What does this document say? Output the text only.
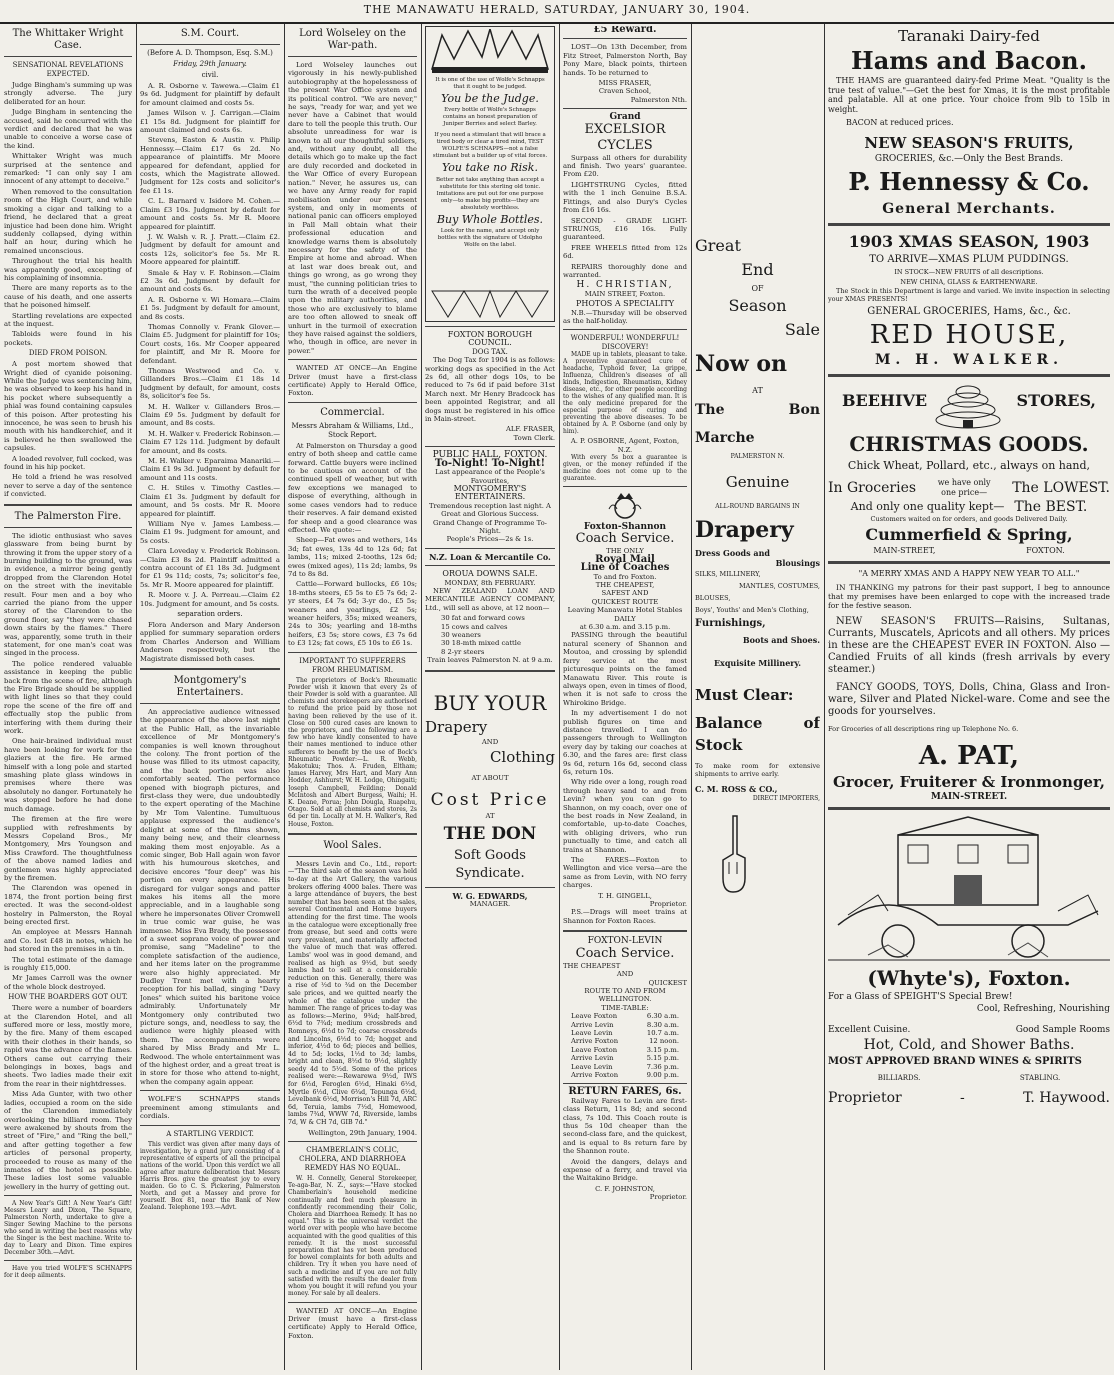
THE MANAWATU HERALD, SATURDAY, JANUARY 30, 1904.
The Whittaker Wright Case.
SENSATIONAL REVELATIONS EXPECTED.

Judge Bingham's summing up was strongly adverse. The jury deliberated for an hour.

Judge Bingham in sentencing the accused, said he concurred with the verdict and declared that he was unable to conceive a worse case of the kind.

Whittaker Wright was much surprised at the sentence and remarked: "I can only say I am innocent of any attempt to deceive."

When removed to the consultation room of the High Court, and while smoking a cigar and talking to a friend, he declared that a great injustice had been done him. Wright suddenly collapsed, dying within half an hour, during which he remained unconscious.

Throughout the trial his health was apparently good, excepting of his complaining of insomnia.

There are many reports as to the cause of his death, and one asserts that he poisoned himself.

Startling revelations are expected at the inquest.

Tabloids were found in his pockets.

DIED FROM POISON.

A post mortem showed that Wright died of cyanide poisoning. While the Judge was sentencing him, he was observed to keep his hand in his pocket where subsequently a phial was found containing capsules of this poison. After protesting his innocence, he was seen to brush his mouth with his handkerchief, and it is believed he then swallowed the capsules.

A loaded revolver, full cocked, was found in his hip pocket.

He told a friend he was resolved never to serve a day of the sentence if convicted.

The Palmerston Fire.

The idiotic enthusiast who saves glassware from being burnt by throwing it from the upper story of a burning building to the ground, was in evidence, a mirror being gently dropped from the Clarendon Hotel on the street with the inevitable result. Four men and a boy who carried the piano from the upper storey of the Clarendon to the ground floor, say "they were chased down stairs by the flames." There was, apparently, some truth in their statement, for one man's coat was singed in the process.

The police rendered valuable assistance in keeping the public back from the scene of fire, although the Fire Brigade should be supplied with light lines so that they could rope the scene of the fire off and effectually stop the public from interfering with them during their work.

One hair-brained individual must have been looking for work for the glaziers at the fire. He armed himself with a long pole and started smashing plate glass windows in premises where there was absolutely no danger. Fortunately he was stopped before he had done much damage.

The firemen at the fire were supplied with refreshments by Messrs Copeland Bros., Mr Montgomery, Mrs Youngson and Miss Crawford. The thoughtfulness of the above named ladies and gentlemen was highly appreciated by the firemen.

The Clarendon was opened in 1874, the front portion being first erected. It was the second-oldest hostelry in Palmerston, the Royal being erected first.

An employee at Messrs Hannah and Co. lost £48 in notes, which he had stored in the premises in a tin.

The total estimate of the damage is roughly £15,000.

Mr James Carroll was the owner of the whole block destroyed.

HOW THE BOARDERS GOT OUT.

There were a number of boarders at the Clarendon Hotel, and all suffered more or less, mostly more, by the fire. Many of them escaped with their clothes in their hands, so rapid was the advance of the flames. Others came out carrying their belongings in boxes, bags and sheets. Two ladies made their exit from the rear in their nightdresses.

Miss Ada Gunter, with two other ladies, occupied a room on the side of the Clarendon immediately overlooking the billiard room. They were awakened by shouts from the street of "Fire," and "Ring the bell," and after getting together a few articles of personal property, proceeded to rouse as many of the inmates of the hotel as possible. These ladies lost some valuable jewellery in the hurry of getting out.

A New Year's Gift! A New Year's Gift! Messrs Leary and Dixon, The Square, Palmerston North, undertake to give a Singer Sewing Machine to the persons who send in writing the best reasons why the Singer is the best machine. Write to-day to Leary and Dixon. Time expires December 30th.—Advt.

Have you tried WOLFE'S SCHNAPPS for it deep ailments.

S.M. Court.
(Before A. D. Thompson, Esq. S.M.)
Friday, 29th January.
civil.

A. R. Osborne v. Tawewa.—Claim £1 9s 6d. Judgment for plaintiff by default for amount claimed and costs 5s.

James Wilson v. J. Carrigan.—Claim £1 15s 8d. Judgment for plaintiff for amount claimed and costs 6s.

Stevens, Easton & Austin v. Philip Hennessy.—Claim £17 6s 2d. No appearance of plaintiffs. Mr Moore appeared for defendant, applied for costs, which the Magistrate allowed. Judgment for 12s costs and solicitor's fee £1 1s.

C. L. Barnard v. Isidore M. Cohen.—Claim £3 10s. Judgment by default for amount and costs 5s. Mr R. Moore appeared for plaintiff.

J. W. Walsh v. R. J. Pratt.—Claim £2. Judgment by default for amount and costs 12s, solicitor's fee 5s. Mr R. Moore appeared for plaintiff.

Smale & Hay v. F. Robinson.—Claim £2 3s 6d. Judgment by default for amount and costs 6s.

A. R. Osborne v. Wi Homara.—Claim £1 5s. Judgment by default for amount, and 8s costs.

Thomas Connolly v. Frank Glover.—Claim £5. Judgment for plaintiff for 10s; Court costs, 16s. Mr Cooper appeared for plaintiff, and Mr R. Moore for defendant.

Thomas Westwood and Co. v. Gillanders Bros.—Claim £1 18s 1d Judgment by default, for amount, costs 8s, solicitor's fee 5s.

M. H. Walker v. Gillanders Bros.—Claim £9 5s. Judgment by default for amount, and 8s costs.

M. H. Walker v. Frederick Robinson.—Claim £7 12s 11d. Judgment by default for amount, and 8s costs.

M. H. Walker v. Eparaima Manariki.—Claim £1 9s 3d. Judgment by default for amount and 11s costs.

C. H. Stiles v. Timothy Castles.—Claim £1 3s. Judgment by default for amount, and 5s costs. Mr R. Moore appeared for plaintiff.

William Nye v. James Lambess.—Claim £1 9s. Judgment for amount, and 5s costs.

Clara Loveday v. Frederick Robinson.—Claim £3 8s 2d. Plaintiff admitted a contra account of £1 18s 3d. Judgment for £1 9s 11d; costs, 7s; solicitor's fee, 5s. Mr R. Moore appeared for plaintiff.

R. Moore v. J. A. Perreau.—Claim £2 10s. Judgment for amount, and 5s costs.

separation orders.

Flora Anderson and Mary Anderson applied for summary separation orders from Charles Anderson and William Anderson respectively, but the Magistrate dismissed both cases.

Montgomery's Entertainers.

An appreciative audience witnessed the appearance of the above last night at the Public Hall, as the invariable excellence of Mr Montgomery's companies is well known throughout the colony. The front portion of the house was filled to its utmost capacity, and the back portion was also comfortably seated. The performance opened with biograph pictures, and first-class they were, due undoubtedly to the expert operating of the Machine by Mr Tom Valentine. Tumultuous applause expressed the audience's delight at some of the films shown, many being new, and their clearness making them most enjoyable. As a comic singer, Bob Hall again won favor with his humourous sketches, and decisive encores "four deep" was his portion on every appearance. His disregard for vulgar songs and patter makes his items all the more appreciable, and in a laughable song where he impersonates Oliver Cromwell in true comic war guise, he was immense. Miss Eva Brady, the possessor of a sweet soprano voice of power and promise, sang "Madeline" to the complete satisfaction of the audience, and her items later on the programme were also highly appreciated. Mr Dudley Trent met with a hearty reception for his ballad, singing "Davy Jones" which suited his baritone voice admirably. Unfortunately Mr Montgomery only contributed two picture songs, and, needless to say, the audience were highly pleased with them. The accompaniments were shared by Miss Brady and Mr L. Redwood. The whole entertainment was of the highest order, and a great treat is in store for those who attend to-night, when the company again appear.

WOLFE'S SCHNAPPS stands preeminent among stimulants and cordials.

A STARTLING VERDICT.

This verdict was given after many days of investigation, by a grand jury consisting of a representative of experts of all the principal nations of the world. Upon this verdict we all agree after mature deliberation that Messrs Harris Bros. give the greatest joy to every maiden. Go to C. S. Pickering, Palmerston North, and get a Massey and prove for yourself. Box 81, near the Bank of New Zealand. Telephone 193.—Advt.

Lord Wolseley on the War-path.

Lord Wolseley launches out vigorously in his newly-published autobiography at the hopelessness of the present War Office system and its political control. "We are never," he says, "ready for war, and yet we never have a Cabinet that would dare to tell the people this truth. Our absolute unreadiness for war is known to all our thoughtful soldiers, and, without any doubt, all the details which go to make up the fact are duly recorded and docketed in the War Office of every European nation." Never, he assures us, can we have any Army ready for rapid mobilisation under our present system, and only in moments of national panic can officers employed in Pall Mall obtain what their professional education and knowledge warns them is absolutely necessary for the safety of the Empire at home and abroad. When at last war does break out, and things go wrong, as go wrong they must, "the cunning politician tries to turn the wrath of a deceived people upon the military authorities, and those who are exclusively to blame are too often allowed to sneak off unhurt in the turmoil of execration they have raised against the soldiers, who, though in office, are never in power."

WANTED AT ONCE—An Engine Driver (must have a first-class certificate) Apply to Herald Office, Foxton.

Commercial.
Messrs Abraham & Williams, Ltd., Stock Report.

At Palmerston on Thursday a good entry of both sheep and cattle came forward. Cattle buyers were inclined to be cautious on account of the continued spell of weather, but with few exceptions we managed to dispose of everything, although in some cases vendors had to reduce their reserves. A fair demand existed for sheep and a good clearance was effected. We quote:—

Sheep—Fat ewes and wethers, 14s 3d; fat ewes, 13s 4d to 12s 6d; fat lambs, 11s; mixed 2-tooths, 12s 6d; ewes (mixed ages), 11s 2d; lambs, 9s 7d to 8s 8d.

Cattle—Forward bullocks, £6 10s; 18-mths steers, £5 5s to £5 7s 6d; 2-yr steers, £4 7s 6d; 3-yr do., £5 5s; weaners and yearlings, £2 5s; weaner heifers, 35s; mixed weaners, 24s to 30s; yearling and 18-mths heifers, £3 5s; store cows, £3 7s 6d to £3 12s; fat cows, £5 10s to £6 1s.

IMPORTANT TO SUFFERERS FROM RHEUMATISM.

The proprietors of Bock's Rheumatic Powder wish it known that every 2s of their Powder is sold with a guarantee. All chemists and storekeepers are authorised to refund the price paid by those not having been relieved by the use of it. Close on 500 cured cases are known to the proprietors, and the following are a few who have kindly consented to have their names mentioned to induce other sufferers to benefit by the use of Bock's Rheumatic Powder:—L. R. Webb, Makotuku; Thos. A. Fruden, Eltham; James Harvey, Mrs Hart, and Mary Ann Hodder, Ashhurst; W. H. Lodge, Ohingaiti; Joseph Campbell, Feilding; Donald McIntosh and Albert Burgess, Waihi; H. K. Deane, Porua; John Dougla, Ruapehu, Otago. Sold at all chemists and stores, 2s 6d per tin. Locally at M. H. Walker's, Red House, Foxton.

Wool Sales.

Messrs Levin and Co., Ltd., report:—"The third sale of the season was held to-day at the Art Gallery, the various brokers offering 4000 bales. There was a large attendance of buyers, the best number that has been seen at the sales, several Continental and Home buyers attending for the first time. The wools in the catalogue were exceptionally free from grease, but seed and cotts were very prevalent, and materially affected the value of much that was offered. Lambs' wool was in good demand, and realised as high as 9½d, but seedy lambs had to sell at a considerable reduction on this. Generally, there was a rise of ½d to ¾d on the December sale prices, and we quitted nearly the whole of the catalogue under the hammer. The range of prices to-day was as follows:—Merino, 9¾d; half-bred, 6½d to 7¾d; medium crossbreds and Romneys, 6½d to 7d; coarse crossbreds and Lincolns, 6½d to 7d; hogget and inferior, 4½d to 6d; pieces and bellies, 4d to 5d; locks, 1½d to 3d; lambs, bright and clean, 8½d to 9½d, slightly seedy 4d to 5½d. Some of the prices realised were:—Rewarewa 9½d, IWS for 6½d, Feroglen 6½d, Hinaki 6½d, Myrtle 6½d, Clive 6¾d, Tepunga 6½d, Levelbank 6½d, Morrison's Hill 7d, ARC 6d, Teruia, lambs 7½d, Homewood, lambs 7¾d, WWW 7d, Riverside, lambs 7d, W & CH 7d, GIB 7d."

Wellington, 29th January, 1904.

CHAMBERLAIN'S COLIC, CHOLERA, AND DIARRHOEA REMEDY HAS NO EQUAL.

W. H. Connelly, General Storekeeper, Te-aga-Bar, N. Z., says:—"Have stocked Chamberlain's household medicine continually and feel much pleasure in confidently recommending their Colic, Cholera and Diarrhoea Remedy. It has no equal." This is the universal verdict the world over with people who have become acquainted with the good qualities of this remedy. It is the most successful preparation that has yet been produced for bowel complaints for both adults and children. Try it when you have need of such a medicine and if you are not fully satisfied with the results the dealer from whom you bought it will refund you your money. For sale by all dealers.

WANTED AT ONCE—An Engine Driver (must have a first-class certificate) Apply to Herald Office, Foxton.

It is one of the use of Wolfe's Schnapps that it ought to be judged.
You be the Judge.
Every bottle of Wolfe's Schnapps contains an honest preparation of Juniper Berries and select Barley.
If you need a stimulant that will brace a tired body or clear a tired mind, TEST WOLFE'S SCHNAPPS—not a false stimulant but a builder up of vital forces.
You take no Risk.
Better not take anything than accept a substitute for this sterling old tonic. Imitations are put out for one purpose only—to make big profits—they are absolutely worthless.
Buy Whole Bottles.
Look for the name, and accept only bottles with the signature of Udolpho Wolfe on the label.
FOXTON BOROUGH COUNCIL.
DOG TAX.

The Dog Tax for 1904 is as follows: working dogs as specified in the Act 2s 6d, all other dogs 10s, to be reduced to 7s 6d if paid before 31st March next. Mr Henry Bradcock has been appointed Registrar, and all dogs must be registered in his office in Main-street.

ALF. FRASER,
Town Clerk.
PUBLIC HALL, FOXTON.
To-Night! To-Night!
Last appearance of the People's Favourites,
MONTGOMERY'S ENTERTAINERS.
Tremendous reception last night. A Great and Glorious Success.
Grand Change of Programme To-Night.
People's Prices—2s & 1s.
N.Z. Loan & Mercantile Co.
OROUA DOWNS SALE.
MONDAY, 8th FEBRUARY.

NEW ZEALAND LOAN AND MERCANTILE AGENCY COMPANY, Ltd., will sell as above, at 12 noon—

30 fat and forward cows
15 cows and calves
30 weaners
30 18-mth mixed cattle
8 2-yr steers
Train leaves Palmerston N. at 9 a.m.
BUY YOUR
Drapery
AND
Clothing
AT ABOUT
Cost Price
AT
THE DON
Soft Goods Syndicate.
W. G. EDWARDS,
MANAGER.
£5 Reward.

LOST—On 13th December, from Fitz Street, Palmerston North, Bay Pony Mare, black points, thirteen hands. To be returned to

MISS FRASER,
Craven School,
Palmerston Nth.
Grand
EXCELSIOR CYCLES

Surpass all others for durability and finish. Two years' guarantee. From £20.

LIGHTSTRUNG Cycles, fitted with the 1 inch Genuine B.S.A. Fittings, and also Dury's Cycles from £16 16s.

SECOND - GRADE LIGHT-STRUNGS, £16 16s. Fully guaranteed.

FREE WHEELS fitted from 12s 6d.

REPAIRS thoroughly done and warranted.

H. CHRISTIAN,
MAIN STREET, Foxton.
PHOTOS A SPECIALITY

N.B.—Thursday will be observed as the half-holiday.

WONDERFUL! WONDERFUL! DISCOVERY!

MADE up in tablets, pleasant to take. A preventive guaranteed cure of headache, Typhoid fever, La grippe, Influenza, Children's diseases of all kinds, Indigestion, Rheumatism, Kidney disease, etc., for other people according to the wishes of any qualified man. It is the only medicine prepared for the especial purpose of curing and preventing the above diseases. To be obtained by A. P. Osborne (and only by him).

A. P. OSBORNE, Agent, Foxton, N.Z.

With every 5s box a guarantee is given, or the money refunded if the medicine does not come up to the guarantee.

Foxton-Shannon
Coach Service.
THE ONLY
Royal Mail
Line of Coaches
To and fro Foxton.
THE CHEAPEST,
SAFEST AND
QUICKEST ROUTE
Leaving Manawatu Hotel Stables DAILY
at 6.30 a.m. and 3.15 p.m.

PASSING through the beautiful natural scenery of Shannon and Moutoa, and crossing by splendid ferry service at the most picturesque points on the famed Manawatu River. This route is always open, even in times of flood, when it is not safe to cross the Whirokino Bridge.

In my advertisement I do not publish figures on time and distance travelled. I can do passengers through to Wellington every day by taking our coaches at 6.30, and the fares are: first class 9s 6d, return 16s 6d, second class 6s, return 10s.

Why ride over a long, rough road through heavy sand to and from Levin? when you can go to Shannon, on my coach, over one of the best roads in New Zealand, in comfortable, up-to-date Coaches, with obliging drivers, who run punctually to time, and catch all trains at Shannon.

The FARES—Foxton to Wellington and vice versa—are the same as from Levin, with NO ferry charges.

T. H. GINGELL,
Proprietor.

P.S.—Drags will meet trains at Shannon for Foxton Races.

FOXTON-LEVIN
Coach Service.
THE CHEAPEST
AND
QUICKEST
ROUTE TO AND FROM WELLINGTON.
TIME-TABLE:
Leave Foxton	6.30 a.m.
Arrive Levin	8.30 a.m.
Leave Levin	10.7 a.m.
Arrive Foxton	12 noon.
Leave Foxton	3.15 p.m.
Arrive Levin	5.15 p.m.
Leave Levin	7.36 p.m.
Arrive Foxton	9.00 p.m.
RETURN FARES, 6s.

Railway Fares to Levin are first-class Return, 11s 8d; and second class, 7s 10d. This Coach route is thus 5s 10d cheaper than the second-class fare, and the quickest, and is equal to 8s return fare by the Shannon route.

Avoid the dangers, delays and expense of a ferry, and travel via the Waitakino Bridge.

C. F. JOHNSTON,
Proprietor.
Great
End
OF
Season
Sale
Now on
AT
The Bon Marche
PALMERSTON N.
Genuine
ALL-ROUND BARGAINS IN
Drapery
Dress Goods and
Blousings
SILKS, MILLINERY,
MANTLES, COSTUMES,
BLOUSES,
Boys', Youths' and Men's Clothing,
Furnishings,
Boots and Shoes.
Exquisite Millinery.
Must Clear:
Balance of Stock
To make room for extensive shipments to arrive early.
C. M. ROSS & CO.,
DIRECT IMPORTERS,
Taranaki Dairy-fed
Hams and Bacon.

THE HAMS are guaranteed dairy-fed Prime Meat. "Quality is the true test of value."—Get the best for Xmas, it is the most profitable and palatable. All at one price. Your choice from 9lb to 15lb in weight.

BACON at reduced prices.
NEW SEASON'S FRUITS,
GROCERIES, &c.—Only the Best Brands.
P. Hennessy & Co.
General Merchants.
1903 XMAS SEASON, 1903
TO ARRIVE—XMAS PLUM PUDDINGS.
IN STOCK—NEW FRUITS of all descriptions.
NEW CHINA, GLASS & EARTHENWARE.

The Stock in this Department is large and varied. We invite inspection in selecting your XMAS PRESENTS!

GENERAL GROCERIES, Hams, &c., &c.
RED HOUSE,
M. H. WALKER.
BEEHIVE	STORES,
CHRISTMAS GOODS.
Chick Wheat, Pollard, etc., always on hand,
In Groceries	we have only one price—	The LOWEST.
And only one quality kept— The BEST.
Customers waited on for orders, and goods Delivered Daily.
Cummerfield & Spring,
MAIN-STREET,	FOXTON.
"A MERRY XMAS AND A HAPPY NEW YEAR TO ALL."

IN THANKING my patrons for their past support, I beg to announce that my premises have been enlarged to cope with the increased trade for the festive season.

NEW SEASON'S FRUITS—Raisins, Sultanas, Currants, Muscatels, Apricots and all others. My prices in these are the CHEAPEST EVER IN FOXTON. Also — Candied Fruits of all kinds (fresh arrivals by every steamer.)

FANCY GOODS, TOYS, Dolls, China, Glass and Iron-ware, Silver and Plated Nickel-ware. Come and see the goods for yourselves.

For Groceries of all descriptions ring up Telephone No. 6.
A. PAT,
Grocer, Fruiterer & Ironmonger,
MAIN-STREET.
(Whyte's), Foxton.
For a Glass of SPEIGHT'S Special Brew!
Cool, Refreshing, Nourishing
Excellent Cuisine.	Good Sample Rooms
Hot, Cold, and Shower Baths.
MOST APPROVED BRAND WINES & SPIRITS
BILLIARDS.	STABLING.
Proprietor	-	T. Haywood.
